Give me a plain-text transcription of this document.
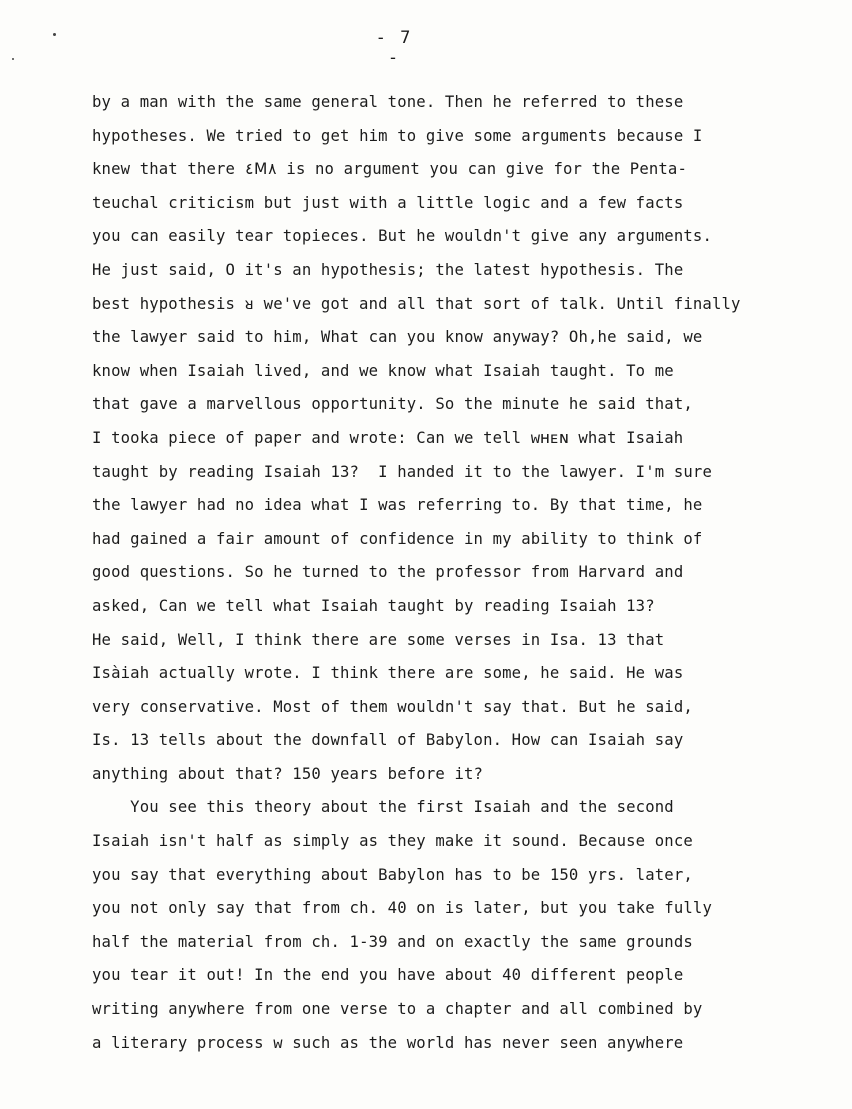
- 7 -
by a man with the same general tone. Then he referred to these
hypotheses. We tried to get him to give some arguments because I
knew that there ٤Ⅿ٨ is no argument you can give for the Penta-
teuchal criticism but just with a little logic and a few facts
you can easily tear topieces. But he wouldn't give any arguments.
He just said, O it's an hypothesis; the latest hypothesis. The
best hypothesis ᴚ we've got and all that sort of talk. Until finally
the lawyer said to him, What can you know anyway? Oh,he said, we
know when Isaiah lived, and we know what Isaiah taught. To me
that gave a marvellous opportunity. So the minute he said that,
I tooka piece of paper and wrote: Can we tell ᴡʜᴇɴ what Isaiah
taught by reading Isaiah 13?  I handed it to the lawyer. I'm sure
the lawyer had no idea what I was referring to. By that time, he
had gained a fair amount of confidence in my ability to think of
good questions. So he turned to the professor from Harvard and
asked, Can we tell what Isaiah taught by reading Isaiah 13?
He said, Well, I think there are some verses in Isa. 13 that
Isàiah actually wrote. I think there are some, he said. He was
very conservative. Most of them wouldn't say that. But he said,
Is. 13 tells about the downfall of Babylon. How can Isaiah say
anything about that? 150 years before it?
You see this theory about the first Isaiah and the second
Isaiah isn't half as simply as they make it sound. Because once
you say that everything about Babylon has to be 150 yrs. later,
you not only say that from ch. 40 on is later, but you take fully
half the material from ch. 1-39 and on exactly the same grounds
you tear it out! In the end you have about 40 different people
writing anywhere from one verse to a chapter and all combined by
a literary process ᴡ such as the world has never seen anywhere
